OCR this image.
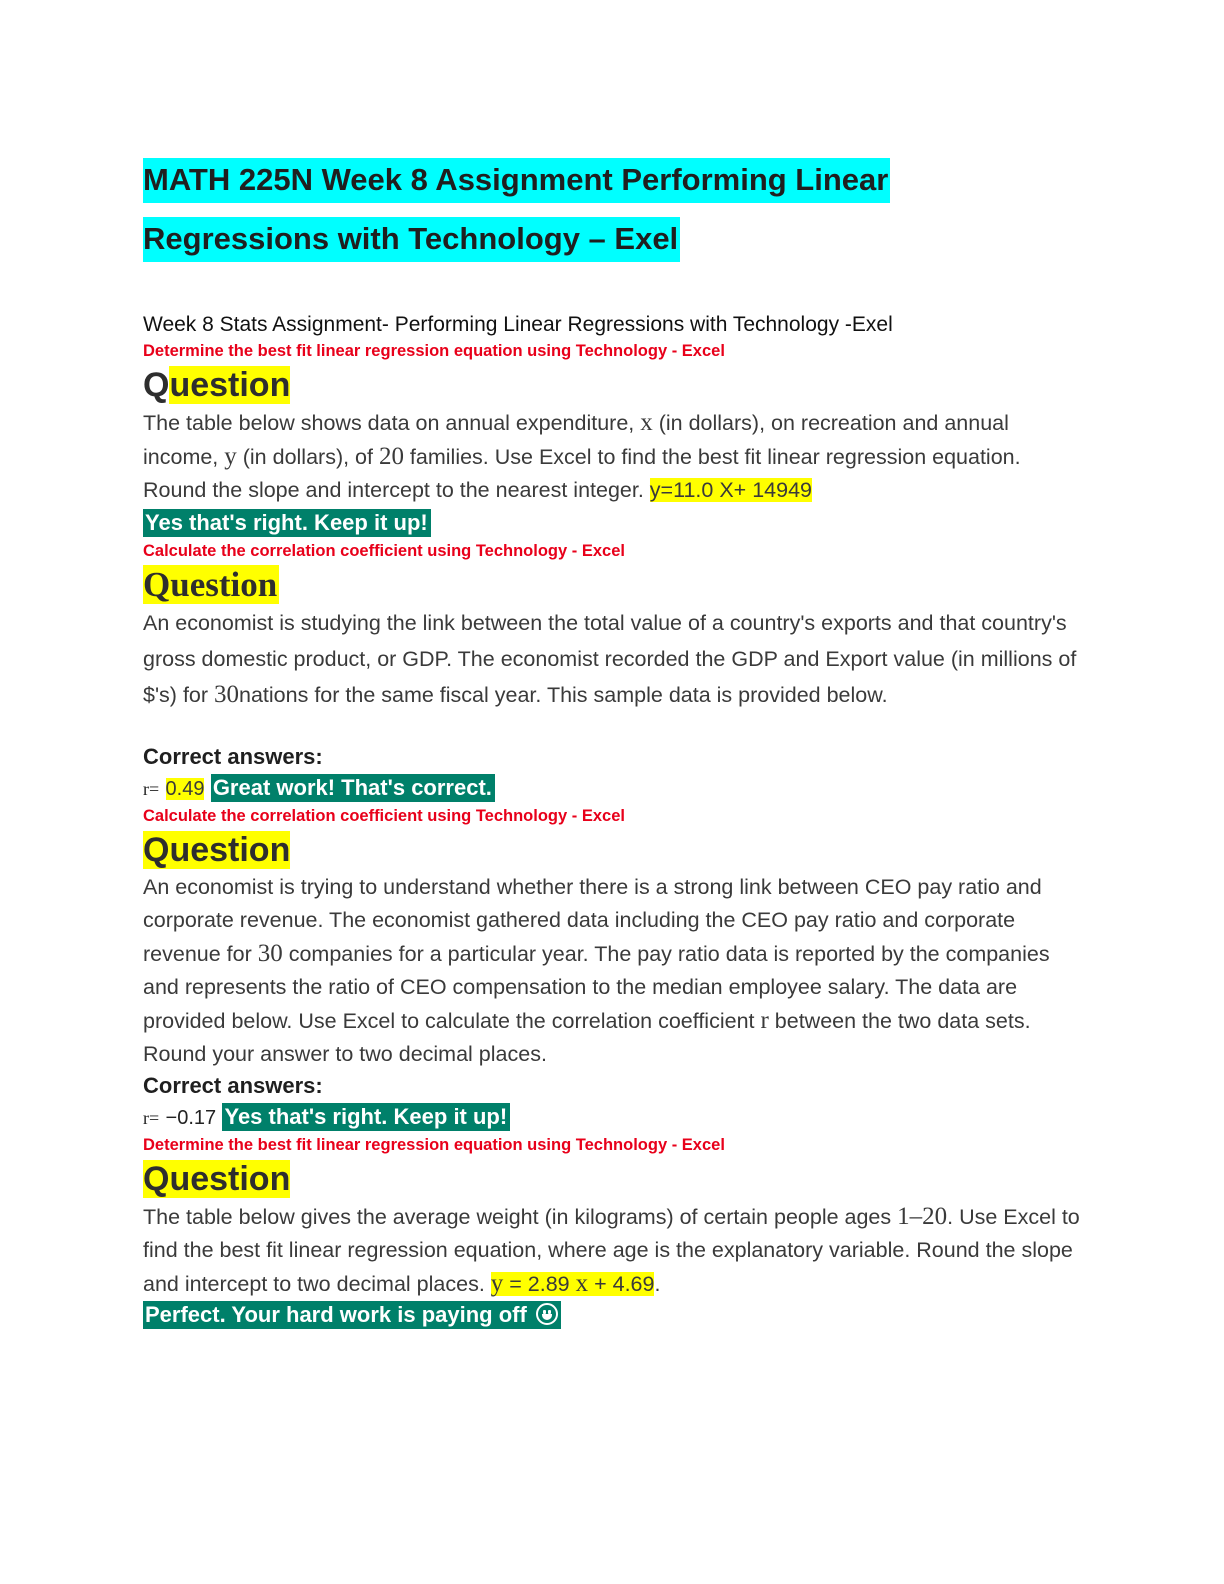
MATH 225N Week 8 Assignment Performing Linear
Regressions with Technology – Exel
Week 8 Stats Assignment- Performing Linear Regressions with Technology -Exel
Determine the best fit linear regression equation using Technology - Excel
Question

The table below shows data on annual expenditure, x (in dollars), on recreation and annual income, y (in dollars), of 20 families. Use Excel to find the best fit linear regression equation. Round the slope and intercept to the nearest integer. y=11.0 X+ 14949 Yes that's right. Keep it up!

Calculate the correlation coefficient using Technology - Excel
Question

An economist is studying the link between the total value of a country's exports and that country's gross domestic product, or GDP. The economist recorded the GDP and Export value (in millions of $'s) for 30nations for the same fiscal year. This sample data is provided below.

Correct answers:
r= 0.49 Great work! That's correct.
Calculate the correlation coefficient using Technology - Excel
Question

An economist is trying to understand whether there is a strong link between CEO pay ratio and corporate revenue. The economist gathered data including the CEO pay ratio and corporate revenue for 30 companies for a particular year. The pay ratio data is reported by the companies and represents the ratio of CEO compensation to the median employee salary. The data are provided below. Use Excel to calculate the correlation coefficient r between the two data sets. Round your answer to two decimal places.

Correct answers:
r= −0.17 Yes that's right. Keep it up!
Determine the best fit linear regression equation using Technology - Excel
Question

The table below gives the average weight (in kilograms) of certain people ages 1–20. Use Excel to find the best fit linear regression equation, where age is the explanatory variable. Round the slope and intercept to two decimal places. y = 2.89 x + 4.69.

Perfect. Your hard work is paying off
